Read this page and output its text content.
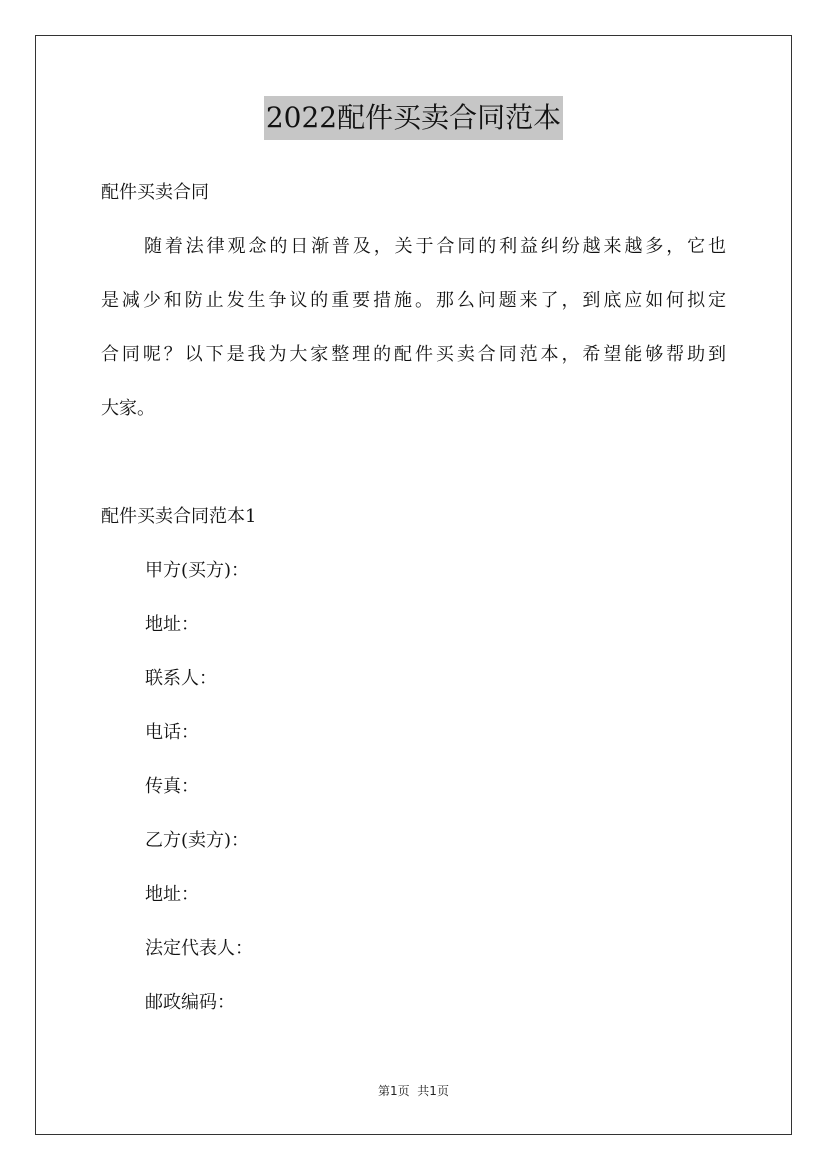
2022配件买卖合同范本

配件买卖合同

随着法律观念的日渐普及，关于合同的利益纠纷越来越多，它也

是减少和防止发生争议的重要措施。那么问题来了，到底应如何拟定

合同呢？以下是我为大家整理的配件买卖合同范本，希望能够帮助到

大家。

配件买卖合同范本1

甲方(买方)：

地址：

联系人：

电话：

传真：

乙方(卖方)：

地址：

法定代表人：

邮政编码：

第1页  共1页
